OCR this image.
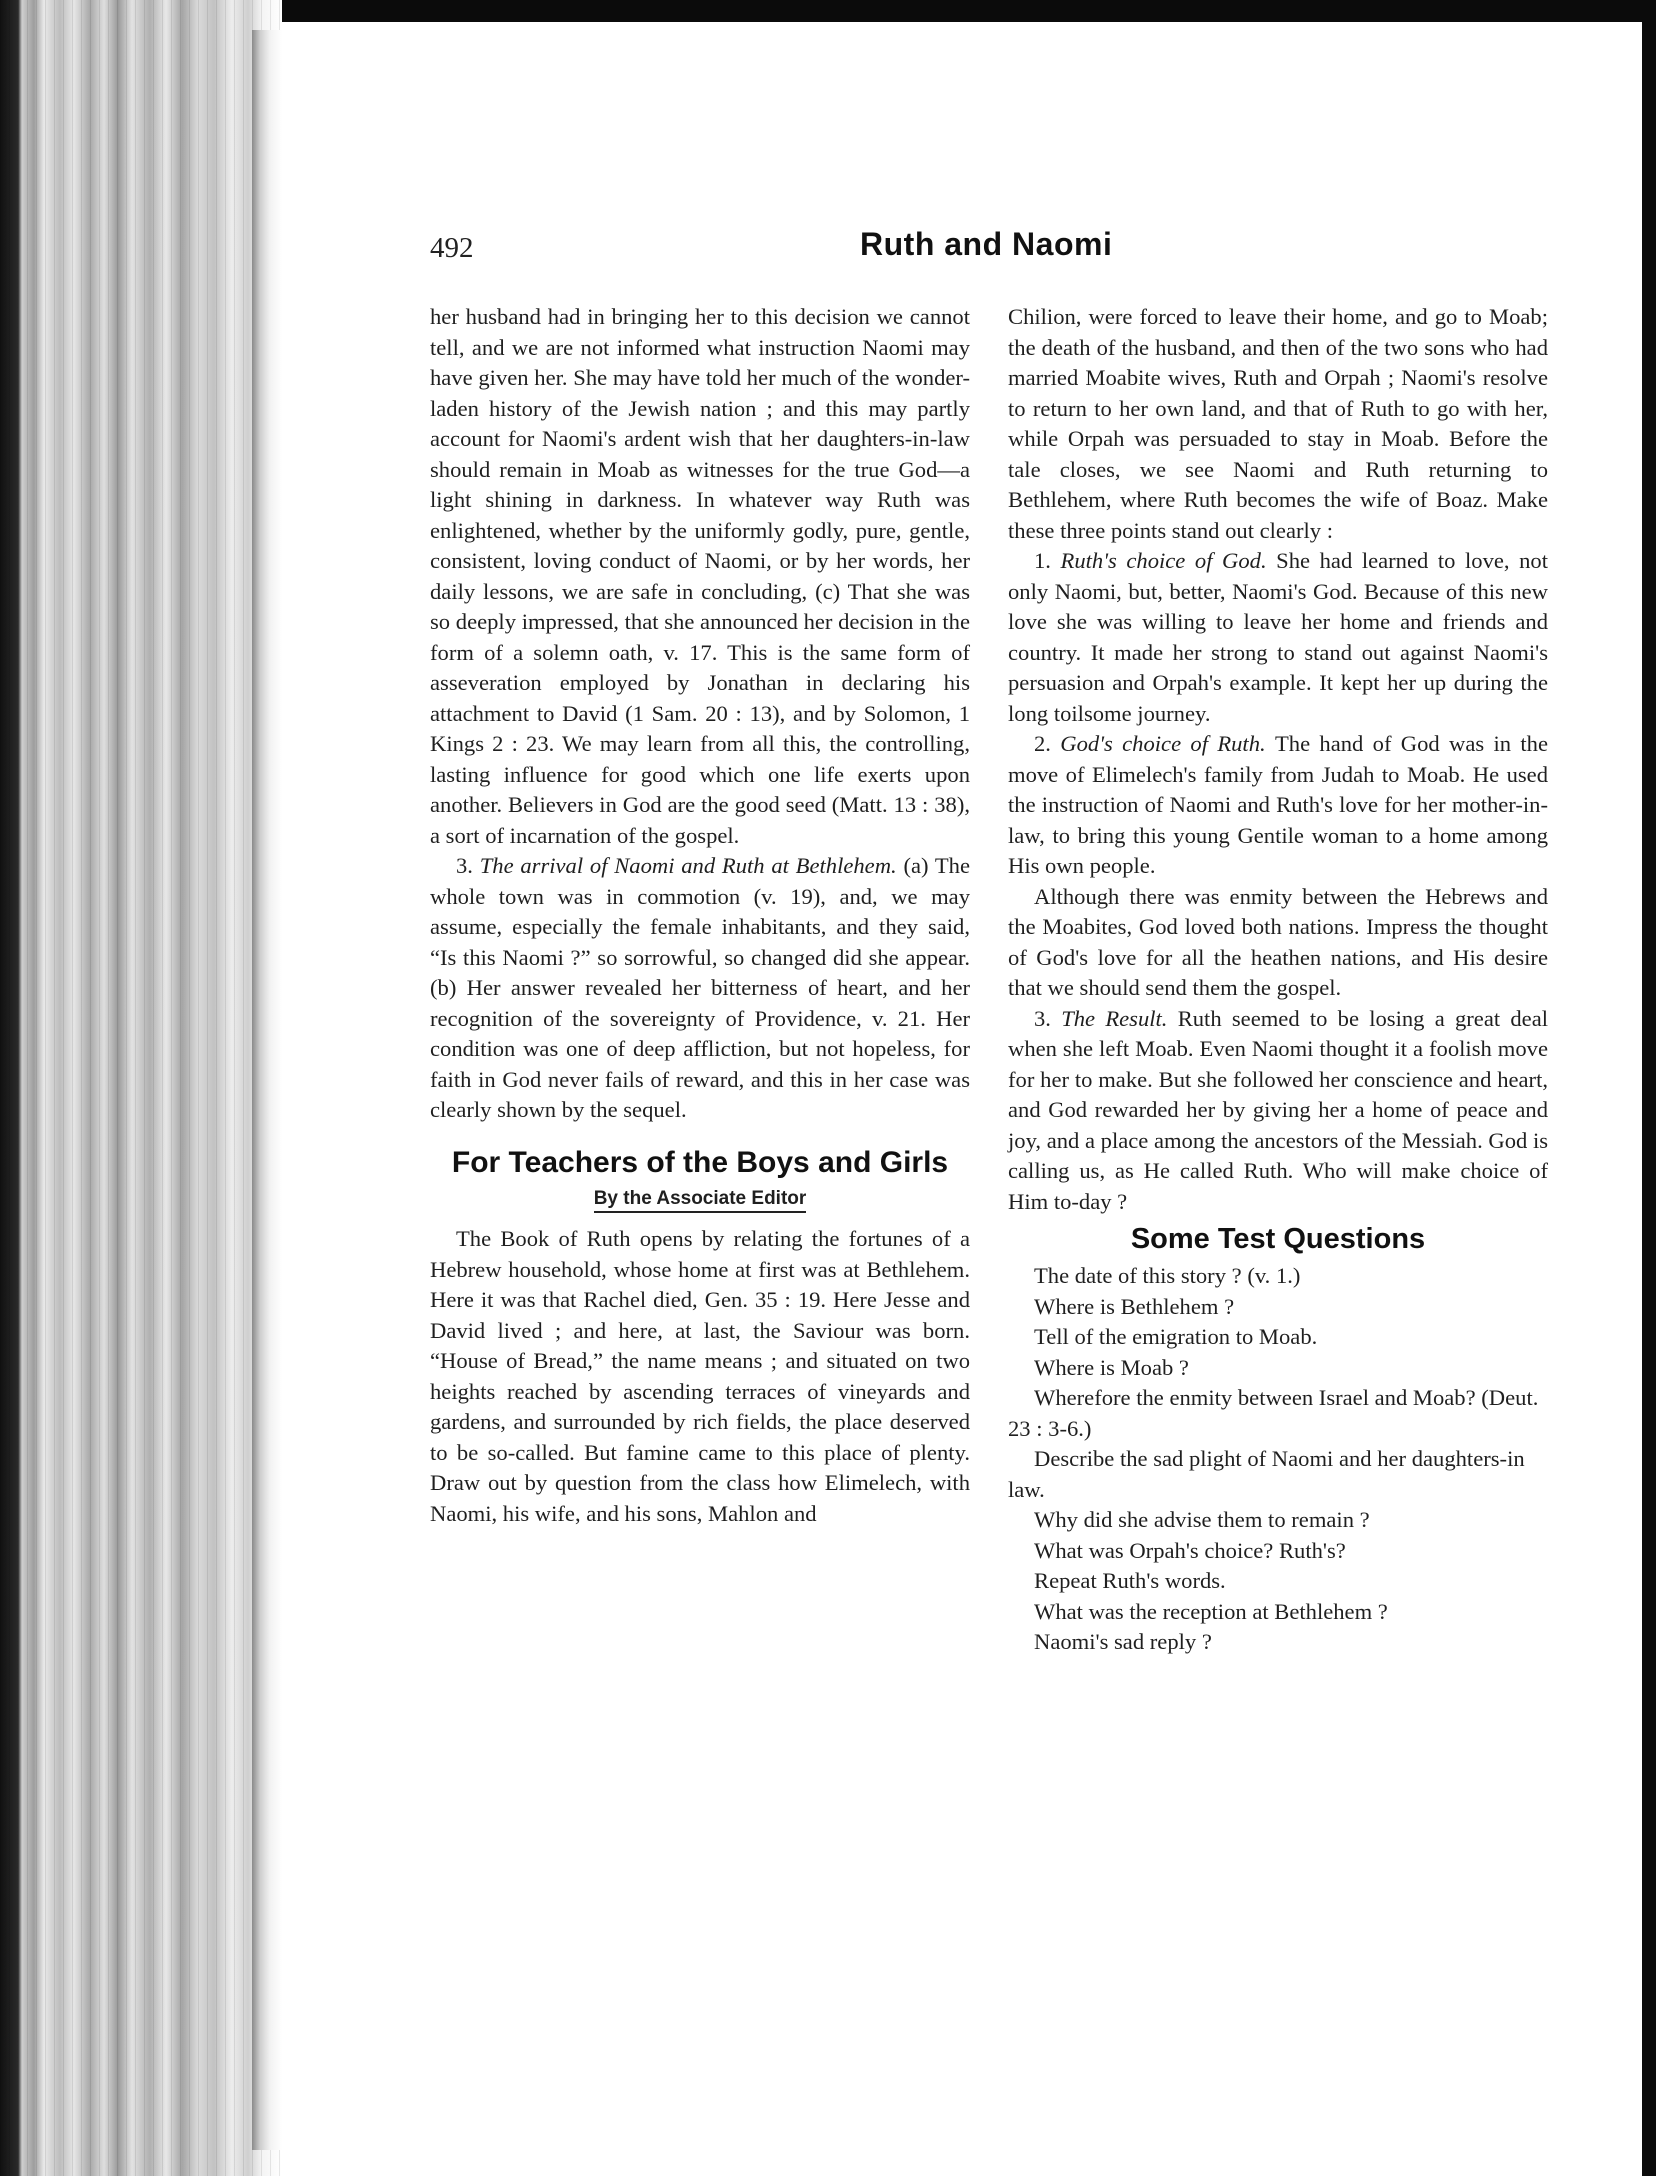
492	Ruth and Naomi

her husband had in bringing her to this decision we cannot tell, and we are not informed what instruction Naomi may have given her. She may have told her much of the wonder-laden history of the Jewish nation ; and this may partly account for Naomi's ardent wish that her daughters-in-law should remain in Moab as witnesses for the true God—a light shining in darkness. In whatever way Ruth was enlightened, whether by the uniformly godly, pure, gentle, consistent, loving conduct of Naomi, or by her words, her daily lessons, we are safe in concluding, (c) That she was so deeply impressed, that she announced her decision in the form of a solemn oath, v. 17. This is the same form of asseveration employed by Jonathan in declaring his attachment to David (1 Sam. 20 : 13), and by Solomon, 1 Kings 2 : 23. We may learn from all this, the controlling, lasting influence for good which one life exerts upon another. Believers in God are the good seed (Matt. 13 : 38), a sort of incarnation of the gospel.

3. The arrival of Naomi and Ruth at Bethlehem. (a) The whole town was in commotion (v. 19), and, we may assume, especially the female inhabitants, and they said, “Is this Naomi ?” so sorrowful, so changed did she appear. (b) Her answer revealed her bitterness of heart, and her recognition of the sovereignty of Providence, v. 21. Her condition was one of deep affliction, but not hopeless, for faith in God never fails of reward, and this in her case was clearly shown by the sequel.

For Teachers of the Boys and Girls
By the Associate Editor

The Book of Ruth opens by relating the fortunes of a Hebrew household, whose home at first was at Bethlehem. Here it was that Rachel died, Gen. 35 : 19. Here Jesse and David lived ; and here, at last, the Saviour was born. “House of Bread,” the name means ; and situated on two heights reached by ascending terraces of vineyards and gardens, and surrounded by rich fields, the place deserved to be so-called. But famine came to this place of plenty. Draw out by question from the class how Elimelech, with Naomi, his wife, and his sons, Mahlon and

Chilion, were forced to leave their home, and go to Moab; the death of the husband, and then of the two sons who had married Moabite wives, Ruth and Orpah ; Naomi's resolve to return to her own land, and that of Ruth to go with her, while Orpah was persuaded to stay in Moab. Before the tale closes, we see Naomi and Ruth returning to Bethlehem, where Ruth becomes the wife of Boaz. Make these three points stand out clearly :

1. Ruth's choice of God. She had learned to love, not only Naomi, but, better, Naomi's God. Because of this new love she was willing to leave her home and friends and country. It made her strong to stand out against Naomi's persuasion and Orpah's example. It kept her up during the long toilsome journey.

2. God's choice of Ruth. The hand of God was in the move of Elimelech's family from Judah to Moab. He used the instruction of Naomi and Ruth's love for her mother-in-law, to bring this young Gentile woman to a home among His own people.

Although there was enmity between the Hebrews and the Moabites, God loved both nations. Impress the thought of God's love for all the heathen nations, and His desire that we should send them the gospel.

3. The Result. Ruth seemed to be losing a great deal when she left Moab. Even Naomi thought it a foolish move for her to make. But she followed her conscience and heart, and God rewarded her by giving her a home of peace and joy, and a place among the ancestors of the Messiah. God is calling us, as He called Ruth. Who will make choice of Him to-day ?

Some Test Questions

The date of this story ? (v. 1.)

Where is Bethlehem ?

Tell of the emigration to Moab.

Where is Moab ?

Wherefore the enmity between Israel and Moab? (Deut. 23 : 3-6.)

Describe the sad plight of Naomi and her daughters-in law.

Why did she advise them to remain ?

What was Orpah's choice? Ruth's?

Repeat Ruth's words.

What was the reception at Bethlehem ?

Naomi's sad reply ?
